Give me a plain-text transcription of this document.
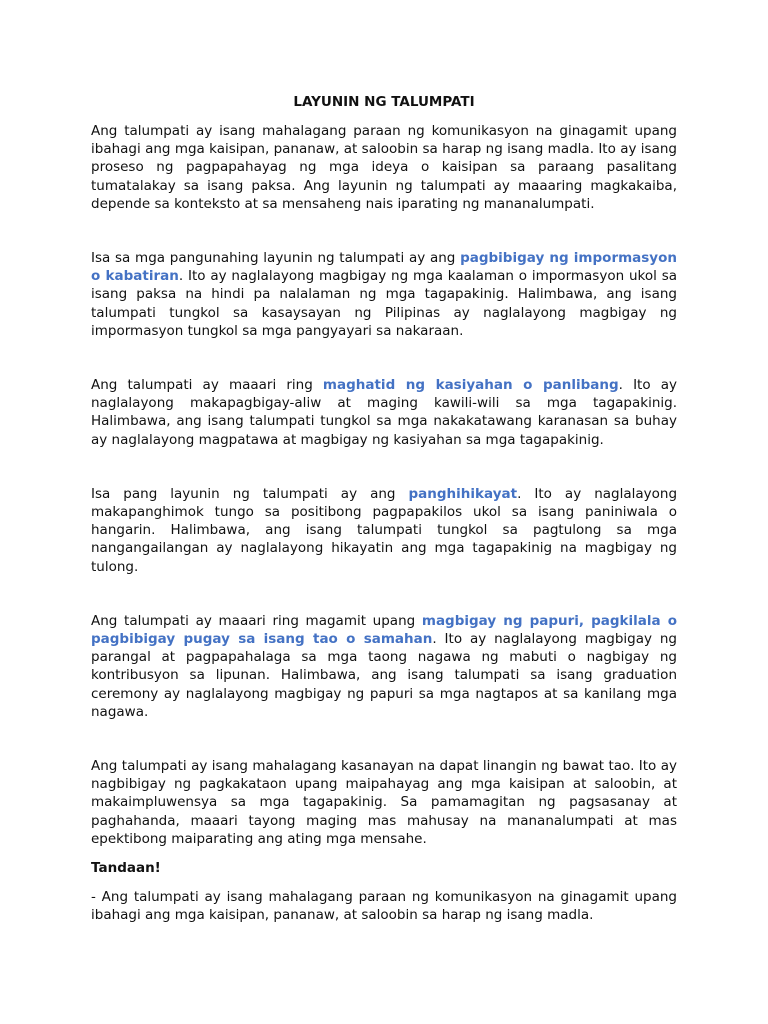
LAYUNIN NG TALUMPATI

Ang talumpati ay isang mahalagang paraan ng komunikasyon na ginagamit upang ibahagi ang mga kaisipan, pananaw, at saloobin sa harap ng isang madla. Ito ay isang proseso ng pagpapahayag ng mga ideya o kaisipan sa paraang pasalitang tumatalakay sa isang paksa. Ang layunin ng talumpati ay maaaring magkakaiba, depende sa konteksto at sa mensaheng nais iparating ng mananalumpati.

Isa sa mga pangunahing layunin ng talumpati ay ang pagbibigay ng impormasyon o kabatiran. Ito ay naglalayong magbigay ng mga kaalaman o impormasyon ukol sa isang paksa na hindi pa nalalaman ng mga tagapakinig. Halimbawa, ang isang talumpati tungkol sa kasaysayan ng Pilipinas ay naglalayong magbigay ng impormasyon tungkol sa mga pangyayari sa nakaraan.

Ang talumpati ay maaari ring maghatid ng kasiyahan o panlibang. Ito ay naglalayong makapagbigay-aliw at maging kawili-wili sa mga tagapakinig. Halimbawa, ang isang talumpati tungkol sa mga nakakatawang karanasan sa buhay ay naglalayong magpatawa at magbigay ng kasiyahan sa mga tagapakinig.

Isa pang layunin ng talumpati ay ang panghihikayat. Ito ay naglalayong makapanghimok tungo sa positibong pagpapakilos ukol sa isang paniniwala o hangarin. Halimbawa, ang isang talumpati tungkol sa pagtulong sa mga nangangailangan ay naglalayong hikayatin ang mga tagapakinig na magbigay ng tulong.

Ang talumpati ay maaari ring magamit upang magbigay ng papuri, pagkilala o pagbibigay pugay sa isang tao o samahan. Ito ay naglalayong magbigay ng parangal at pagpapahalaga sa mga taong nagawa ng mabuti o nagbigay ng kontribusyon sa lipunan. Halimbawa, ang isang talumpati sa isang graduation ceremony ay naglalayong magbigay ng papuri sa mga nagtapos at sa kanilang mga nagawa.

Ang talumpati ay isang mahalagang kasanayan na dapat linangin ng bawat tao. Ito ay nagbibigay ng pagkakataon upang maipahayag ang mga kaisipan at saloobin, at makaimpluwensya sa mga tagapakinig. Sa pamamagitan ng pagsasanay at paghahanda, maaari tayong maging mas mahusay na mananalumpati at mas epektibong maiparating ang ating mga mensahe.

Tandaan!

- Ang talumpati ay isang mahalagang paraan ng komunikasyon na ginagamit upang ibahagi ang mga kaisipan, pananaw, at saloobin sa harap ng isang madla.
